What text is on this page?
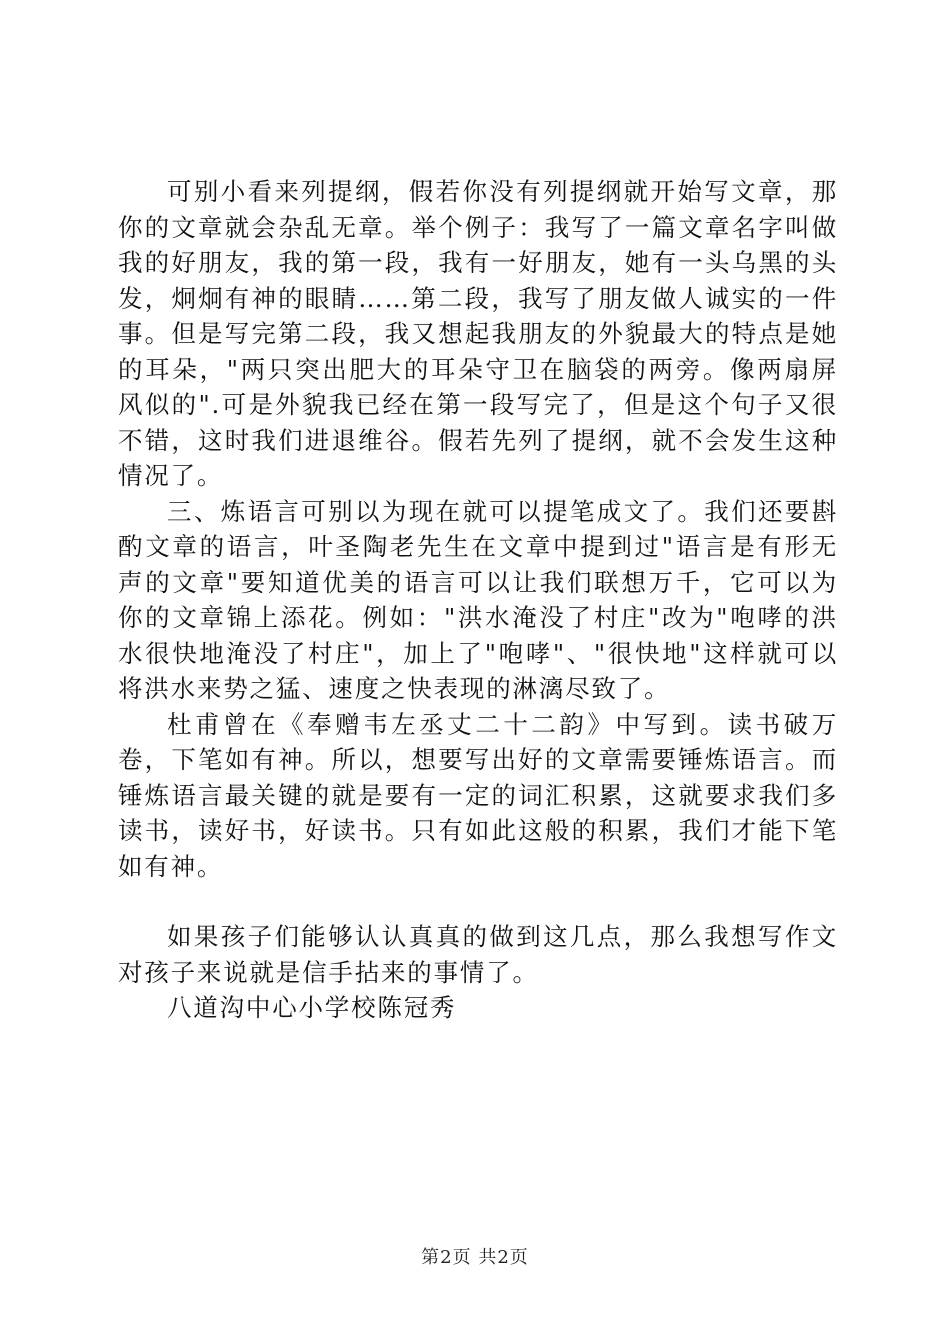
可别小看来列提纲，假若你没有列提纲就开始写文章，那你的文章就会杂乱无章。举个例子：我写了一篇文章名字叫做我的好朋友，我的第一段，我有一好朋友，她有一头乌黑的头发，炯炯有神的眼睛……第二段，我写了朋友做人诚实的一件事。但是写完第二段，我又想起我朋友的外貌最大的特点是她的耳朵，"两只突出肥大的耳朵守卫在脑袋的两旁。像两扇屏风似的".可是外貌我已经在第一段写完了，但是这个句子又很不错，这时我们进退维谷。假若先列了提纲，就不会发生这种情况了。

三、炼语言可别以为现在就可以提笔成文了。我们还要斟酌文章的语言，叶圣陶老先生在文章中提到过"语言是有形无声的文章"要知道优美的语言可以让我们联想万千，它可以为你的文章锦上添花。例如："洪水淹没了村庄"改为"咆哮的洪水很快地淹没了村庄"，加上了"咆哮"、"很快地"这样就可以将洪水来势之猛、速度之快表现的淋漓尽致了。

杜甫曾在《奉赠韦左丞丈二十二韵》中写到。读书破万卷，下笔如有神。所以，想要写出好的文章需要锤炼语言。而锤炼语言最关键的就是要有一定的词汇积累，这就要求我们多读书，读好书，好读书。只有如此这般的积累，我们才能下笔如有神。

如果孩子们能够认认真真的做到这几点，那么我想写作文对孩子来说就是信手拈来的事情了。

八道沟中心小学校陈冠秀

第2页 共2页
